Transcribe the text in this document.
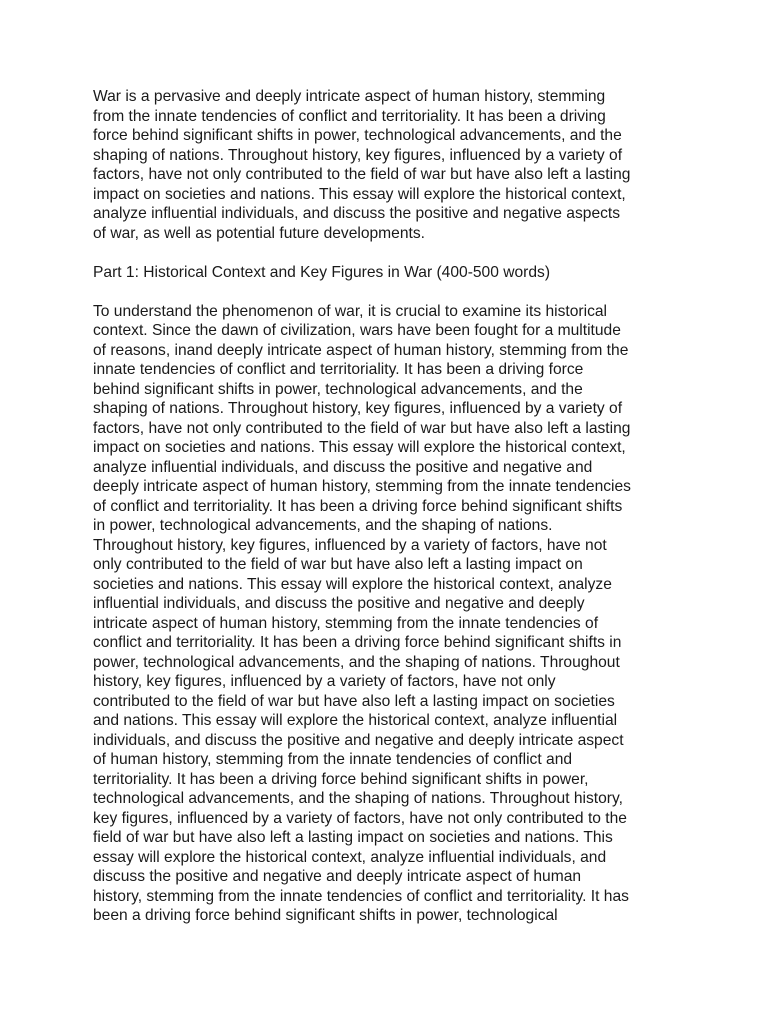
War is a pervasive and deeply intricate aspect of human history, stemming
from the innate tendencies of conflict and territoriality. It has been a driving
force behind significant shifts in power, technological advancements, and the
shaping of nations. Throughout history, key figures, influenced by a variety of
factors, have not only contributed to the field of war but have also left a lasting
impact on societies and nations. This essay will explore the historical context,
analyze influential individuals, and discuss the positive and negative aspects
of war, as well as potential future developments.
Part 1: Historical Context and Key Figures in War (400-500 words)
To understand the phenomenon of war, it is crucial to examine its historical
context. Since the dawn of civilization, wars have been fought for a multitude
of reasons, inand deeply intricate aspect of human history, stemming from the
innate tendencies of conflict and territoriality. It has been a driving force
behind significant shifts in power, technological advancements, and the
shaping of nations. Throughout history, key figures, influenced by a variety of
factors, have not only contributed to the field of war but have also left a lasting
impact on societies and nations. This essay will explore the historical context,
analyze influential individuals, and discuss the positive and negative and
deeply intricate aspect of human history, stemming from the innate tendencies
of conflict and territoriality. It has been a driving force behind significant shifts
in power, technological advancements, and the shaping of nations.
Throughout history, key figures, influenced by a variety of factors, have not
only contributed to the field of war but have also left a lasting impact on
societies and nations. This essay will explore the historical context, analyze
influential individuals, and discuss the positive and negative and deeply
intricate aspect of human history, stemming from the innate tendencies of
conflict and territoriality. It has been a driving force behind significant shifts in
power, technological advancements, and the shaping of nations. Throughout
history, key figures, influenced by a variety of factors, have not only
contributed to the field of war but have also left a lasting impact on societies
and nations. This essay will explore the historical context, analyze influential
individuals, and discuss the positive and negative and deeply intricate aspect
of human history, stemming from the innate tendencies of conflict and
territoriality. It has been a driving force behind significant shifts in power,
technological advancements, and the shaping of nations. Throughout history,
key figures, influenced by a variety of factors, have not only contributed to the
field of war but have also left a lasting impact on societies and nations. This
essay will explore the historical context, analyze influential individuals, and
discuss the positive and negative and deeply intricate aspect of human
history, stemming from the innate tendencies of conflict and territoriality. It has
been a driving force behind significant shifts in power, technological
